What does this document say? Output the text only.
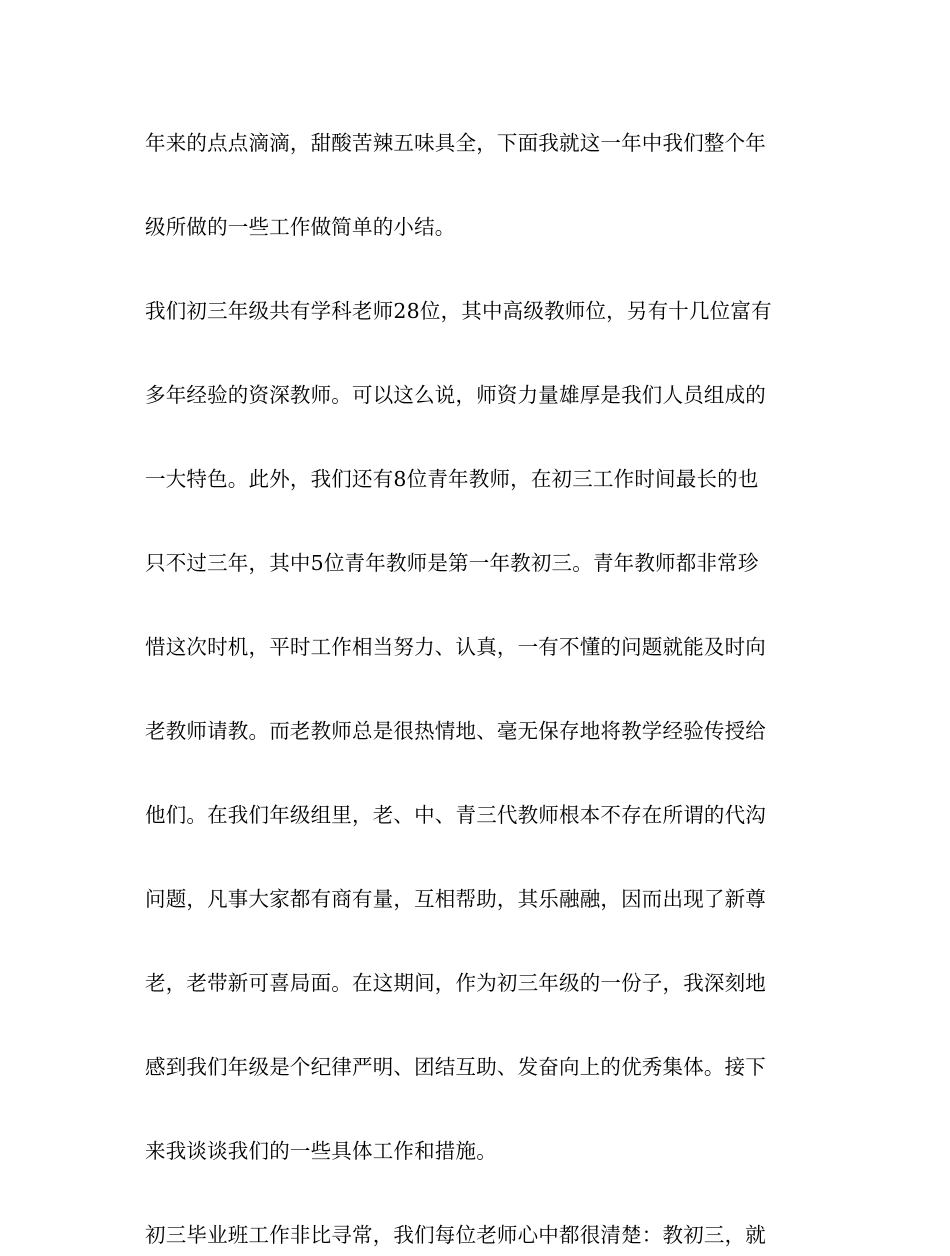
年来的点点滴滴，甜酸苦辣五味具全，下面我就这一年中我们整个年
级所做的一些工作做简单的小结。
我们初三年级共有学科老师28位，其中高级教师位，另有十几位富有
多年经验的资深教师。可以这么说，师资力量雄厚是我们人员组成的
一大特色。此外，我们还有8位青年教师，在初三工作时间最长的也
只不过三年，其中5位青年教师是第一年教初三。青年教师都非常珍
惜这次时机，平时工作相当努力、认真，一有不懂的问题就能及时向
老教师请教。而老教师总是很热情地、毫无保存地将教学经验传授给
他们。在我们年级组里，老、中、青三代教师根本不存在所谓的代沟
问题，凡事大家都有商有量，互相帮助，其乐融融，因而出现了新尊
老，老带新可喜局面。在这期间，作为初三年级的一份子，我深刻地
感到我们年级是个纪律严明、团结互助、发奋向上的优秀集体。接下
来我谈谈我们的一些具体工作和措施。
初三毕业班工作非比寻常，我们每位老师心中都很清楚：教初三，就
